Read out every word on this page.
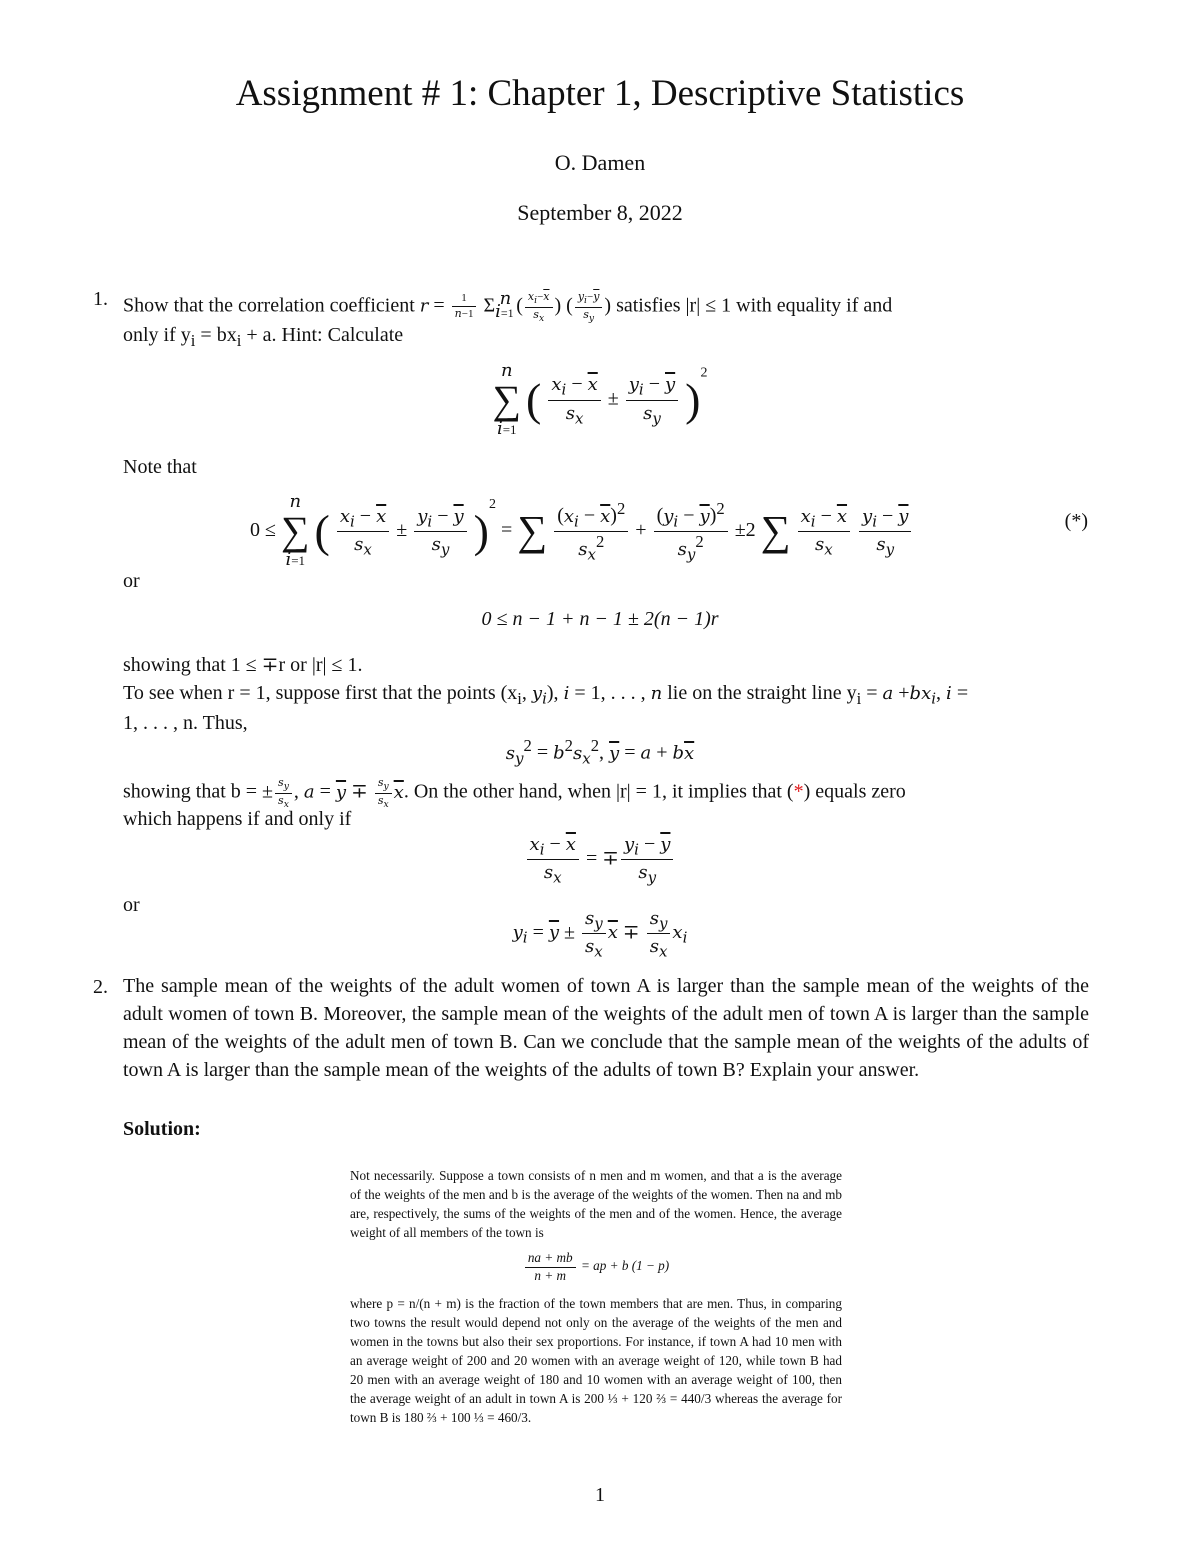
Assignment # 1: Chapter 1, Descriptive Statistics
O. Damen
September 8, 2022
1. Show that the correlation coefficient $r = \frac{1}{n-1} \Sigma_{i=1}^n$ ( $\frac{x_i-\overline{x}}{s_x}$ ) ( $\frac{y_i-\overline{y}}{s_y}$ ) satisfies |r| ≤ 1 with equality if and
only if $y_i = bx_i + a$. Hint: Calculate
n
∑
i=1
( $\frac{x_i - \overline{x}}{s_x} \pm \frac{y_i - \overline{y}}{s_y} )^2$
Note that
0 ≤
n
∑
i=1
( $\frac{x_i - \overline{x}}{s_x} \pm \frac{y_i - \overline{y}}{s_y} )^2$ = ∑ $\frac{(x_i - \overline{x})^2}{s_x^2} + \frac{(y_i - \overline{y})^2}{s_y^2} \pm 2$ ∑ $\frac{x_i - \overline{x}}{s_x}$
$\frac{y_i - \overline{y}}{s_y}$	(*)
or
0 ≤ n − 1 + n − 1 ± 2(n − 1)r
showing that 1 ≤ ∓r or |r| ≤ 1.
To see when r = 1, suppose first that the points ($x_i$, $y_i$), i = 1, . . . , n lie on the straight line $y_i = a +bx_i$, i =
1, . . . , n. Thus,
$s_y^2 = b^2s_x^2$, $\overline{y} = a + b\overline{x}$
showing that b = ± $\frac{s_y}{s_x}$ , $a = \overline{y} \mp \frac{s_y}{s_x} \overline{x}$. On the other hand, when |r| = 1, it implies that (*) equals zero
which happens if and only if
$\frac{x_i - \overline{x}}{s_x}$ = ∓ $\frac{y_i - \overline{y}}{s_y}$
or
$y_i = \overline{y} \pm \frac{s_y}{s_x} \overline{x} \mp \frac{s_y}{s_x} x_i$
2. The sample mean of the weights of the adult women of town A is larger than the sample mean of the weights of the adult women of town B. Moreover, the sample mean of the weights of the adult men of town A is larger than the sample mean of the weights of the adult men of town B. Can we conclude that the sample mean of the weights of the adults of town A is larger than the sample mean of the weights of the adults of town B? Explain your answer.
Solution:
Not necessarily. Suppose a town consists of n men and m women, and that a is the average of the weights of the men and b is the average of the weights of the women. Then na and mb are, respectively, the sums of the weights of the men and of the women. Hence, the average weight of all members of the town is
$\frac{na + mb}{n + m}$ = ap + b (1 − p)
where p = n/(n + m) is the fraction of the town members that are men. Thus, in comparing two towns the result would depend not only on the average of the weights of the men and women in the towns but also their sex proportions. For instance, if town A had 10 men with an average weight of 200 and 20 women with an average weight of 120, while town B had 20 men with an average weight of 180 and 10 women with an average weight of 100, then the average weight of an adult in town A is 200 ⅓ + 120 ⅔ = 440/3 whereas the average for town B is 180 ⅔ + 100 ⅓ = 460/3.
1
